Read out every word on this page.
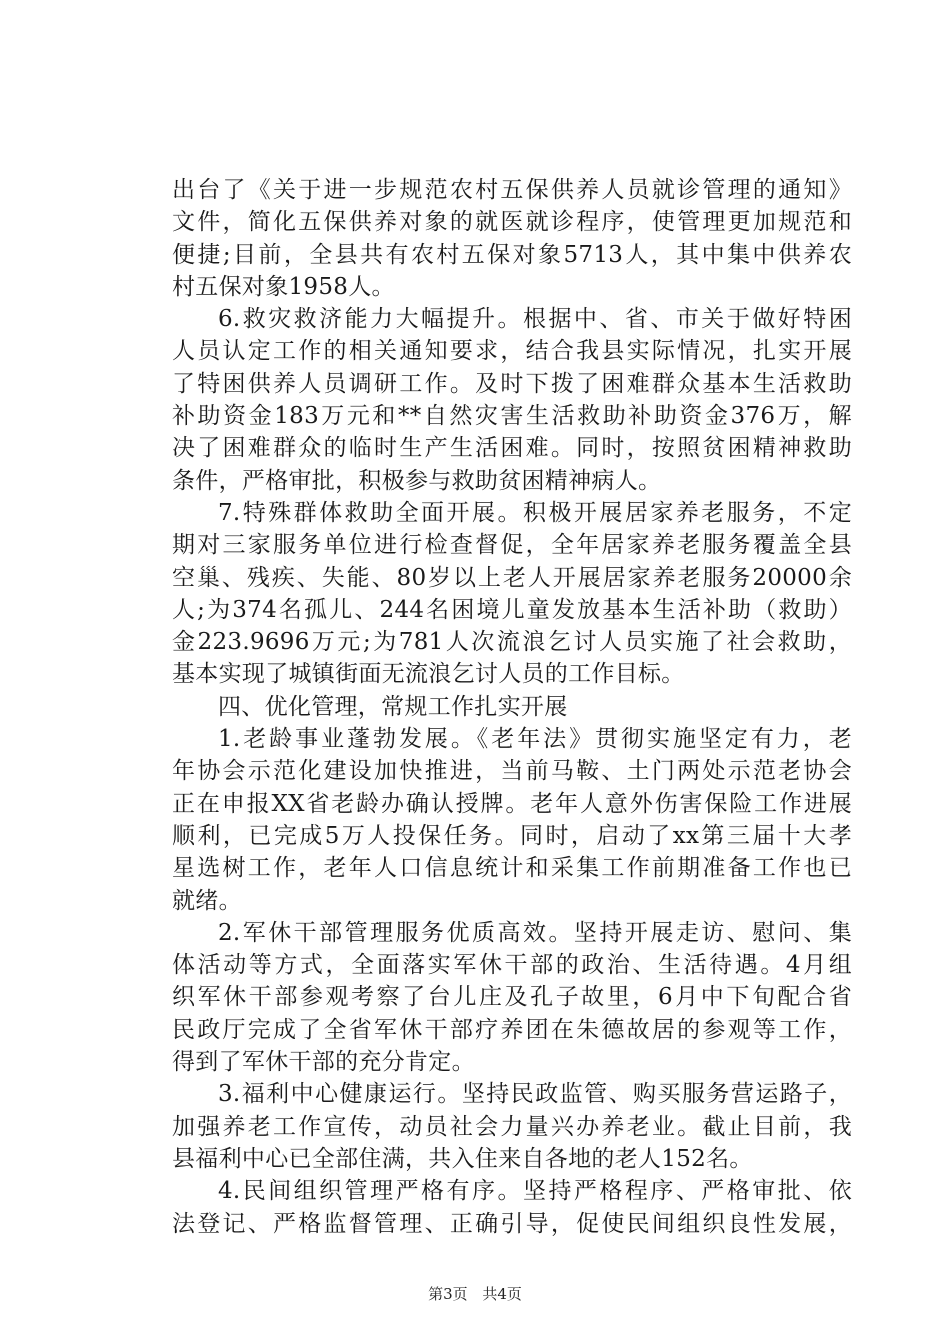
出台了《关于进一步规范农村五保供养人员就诊管理的通知》
文件，简化五保供养对象的就医就诊程序，使管理更加规范和
便捷;目前，全县共有农村五保对象5713人，其中集中供养农
村五保对象1958人。
6.救灾救济能力大幅提升。根据中、省、市关于做好特困
人员认定工作的相关通知要求，结合我县实际情况，扎实开展
了特困供养人员调研工作。及时下拨了困难群众基本生活救助
补助资金183万元和**自然灾害生活救助补助资金376万，解
决了困难群众的临时生产生活困难。同时，按照贫困精神救助
条件，严格审批，积极参与救助贫困精神病人。
7.特殊群体救助全面开展。积极开展居家养老服务，不定
期对三家服务单位进行检查督促，全年居家养老服务覆盖全县
空巢、残疾、失能、80岁以上老人开展居家养老服务20000余
人;为374名孤儿、244名困境儿童发放基本生活补助（救助）
金223.9696万元;为781人次流浪乞讨人员实施了社会救助，
基本实现了城镇街面无流浪乞讨人员的工作目标。
四、优化管理，常规工作扎实开展
1.老龄事业蓬勃发展。《老年法》贯彻实施坚定有力，老
年协会示范化建设加快推进，当前马鞍、土门两处示范老协会
正在申报XX省老龄办确认授牌。老年人意外伤害保险工作进展
顺利，已完成5万人投保任务。同时，启动了xx第三届十大孝
星选树工作，老年人口信息统计和采集工作前期准备工作也已
就绪。
2.军休干部管理服务优质高效。坚持开展走访、慰问、集
体活动等方式，全面落实军休干部的政治、生活待遇。4月组
织军休干部参观考察了台儿庄及孔子故里，6月中下旬配合省
民政厅完成了全省军休干部疗养团在朱德故居的参观等工作，
得到了军休干部的充分肯定。
3.福利中心健康运行。坚持民政监管、购买服务营运路子，
加强养老工作宣传，动员社会力量兴办养老业。截止目前，我
县福利中心已全部住满，共入住来自各地的老人152名。
4.民间组织管理严格有序。坚持严格程序、严格审批、依
法登记、严格监督管理、正确引导，促使民间组织良性发展，
第3页 共4页
